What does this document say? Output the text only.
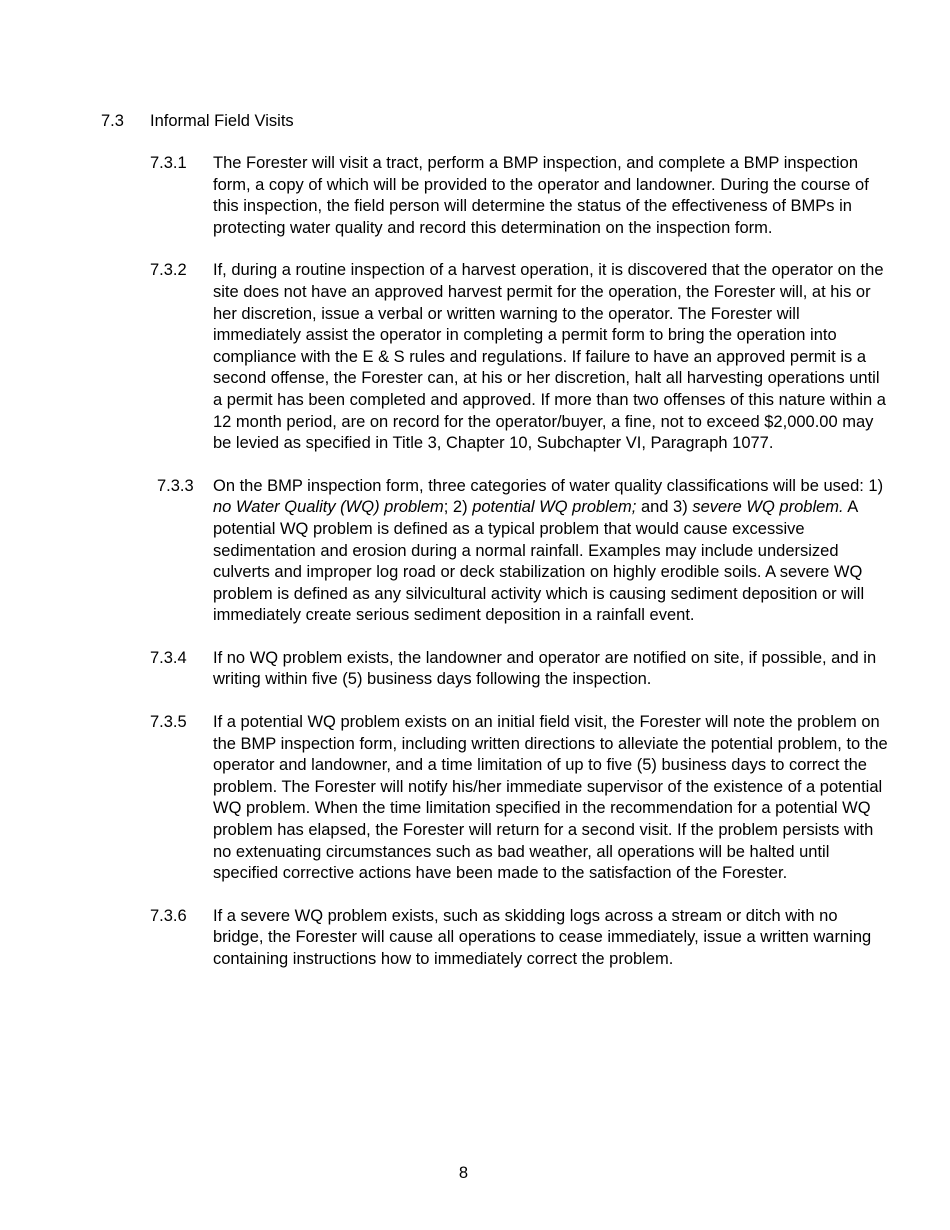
7.3 Informal Field Visits
7.3.1	The Forester will visit a tract, perform a BMP inspection, and complete a BMP inspection form, a copy of which will be provided to the operator and landowner. During the course of this inspection, the field person will determine the status of the effectiveness of BMPs in protecting water quality and record this determination on the inspection form.
7.3.2	If, during a routine inspection of a harvest operation, it is discovered that the operator on the site does not have an approved harvest permit for the operation, the Forester will, at his or her discretion, issue a verbal or written warning to the operator. The Forester will immediately assist the operator in completing a permit form to bring the operation into compliance with the E & S rules and regulations. If failure to have an approved permit is a second offense, the Forester can, at his or her discretion, halt all harvesting operations until a permit has been completed and approved. If more than two offenses of this nature within a 12 month period, are on record for the operator/buyer, a fine, not to exceed $2,000.00 may be levied as specified in Title 3, Chapter 10, Subchapter VI, Paragraph 1077.
7.3.3	On the BMP inspection form, three categories of water quality classifications will be used: 1) no Water Quality (WQ) problem; 2) potential WQ problem; and 3) severe WQ problem. A potential WQ problem is defined as a typical problem that would cause excessive sedimentation and erosion during a normal rainfall. Examples may include undersized culverts and improper log road or deck stabilization on highly erodible soils. A severe WQ problem is defined as any silvicultural activity which is causing sediment deposition or will immediately create serious sediment deposition in a rainfall event.
7.3.4	If no WQ problem exists, the landowner and operator are notified on site, if possible, and in writing within five (5) business days following the inspection.
7.3.5	If a potential WQ problem exists on an initial field visit, the Forester will note the problem on the BMP inspection form, including written directions to alleviate the potential problem, to the operator and landowner, and a time limitation of up to five (5) business days to correct the problem. The Forester will notify his/her immediate supervisor of the existence of a potential WQ problem. When the time limitation specified in the recommendation for a potential WQ problem has elapsed, the Forester will return for a second visit. If the problem persists with no extenuating circumstances such as bad weather, all operations will be halted until specified corrective actions have been made to the satisfaction of the Forester.
7.3.6	If a severe WQ problem exists, such as skidding logs across a stream or ditch with no bridge, the Forester will cause all operations to cease immediately, issue a written warning containing instructions how to immediately correct the problem.
8
